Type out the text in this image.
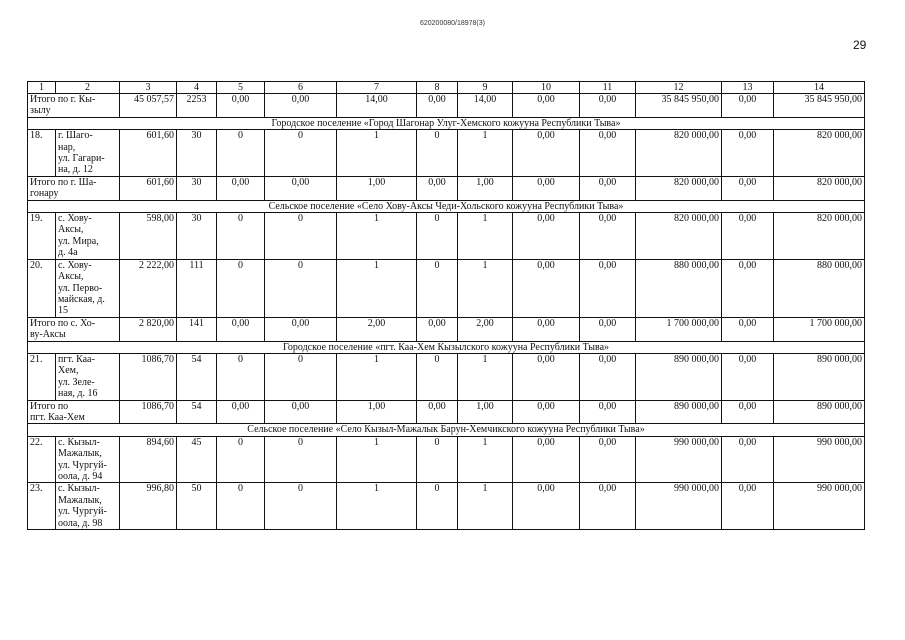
620200080/18978(3)
29
1	2	3	4	5	6	7	8	9	10	11	12	13	14
Итого по г. Кы-
зылу		45 057,57	2253	0,00	0,00	14,00	0,00	14,00	0,00	0,00	35 845 950,00	0,00	35 845 950,00
Городское поселение «Город Шагонар Улуг-Хемского кожууна Республики Тыва»													
18.	г. Шаго-
нар,
ул. Гагари-
на, д. 12	601,60	30	0	0	1	0	1	0,00	0,00	820 000,00	0,00	820 000,00
Итого по г. Ша-
гонару		601,60	30	0,00	0,00	1,00	0,00	1,00	0,00	0,00	820 000,00	0,00	820 000,00
Сельское поселение «Село Хову-Аксы Чеди-Хольского кожууна Республики Тыва»													
19.	с. Хову-
Аксы,
ул. Мира,
д. 4а	598,00	30	0	0	1	0	1	0,00	0,00	820 000,00	0,00	820 000,00
20.	с. Хову-
Аксы,
ул. Перво-
майская, д.
15	2 222,00	111	0	0	1	0	1	0,00	0,00	880 000,00	0,00	880 000,00
Итого по с. Хо-
ву-Аксы		2 820,00	141	0,00	0,00	2,00	0,00	2,00	0,00	0,00	1 700 000,00	0,00	1 700 000,00
Городское поселение «пгт. Каа-Хем Кызылского кожууна Республики Тыва»													
21.	пгт. Каа-
Хем,
ул. Зеле-
ная, д. 16	1086,70	54	0	0	1	0	1	0,00	0,00	890 000,00	0,00	890 000,00
Итого по
пгт. Каа-Хем		1086,70	54	0,00	0,00	1,00	0,00	1,00	0,00	0,00	890 000,00	0,00	890 000,00
Сельское поселение «Село Кызыл-Мажалык Барун-Хемчикского кожууна Республики Тыва»													
22.	с. Кызыл-
Мажалык,
ул. Чургуй-
оола, д. 94	894,60	45	0	0	1	0	1	0,00	0,00	990 000,00	0,00	990 000,00
23.	с. Кызыл-
Мажалык,
ул. Чургуй-
оола, д. 98	996,80	50	0	0	1	0	1	0,00	0,00	990 000,00	0,00	990 000,00
